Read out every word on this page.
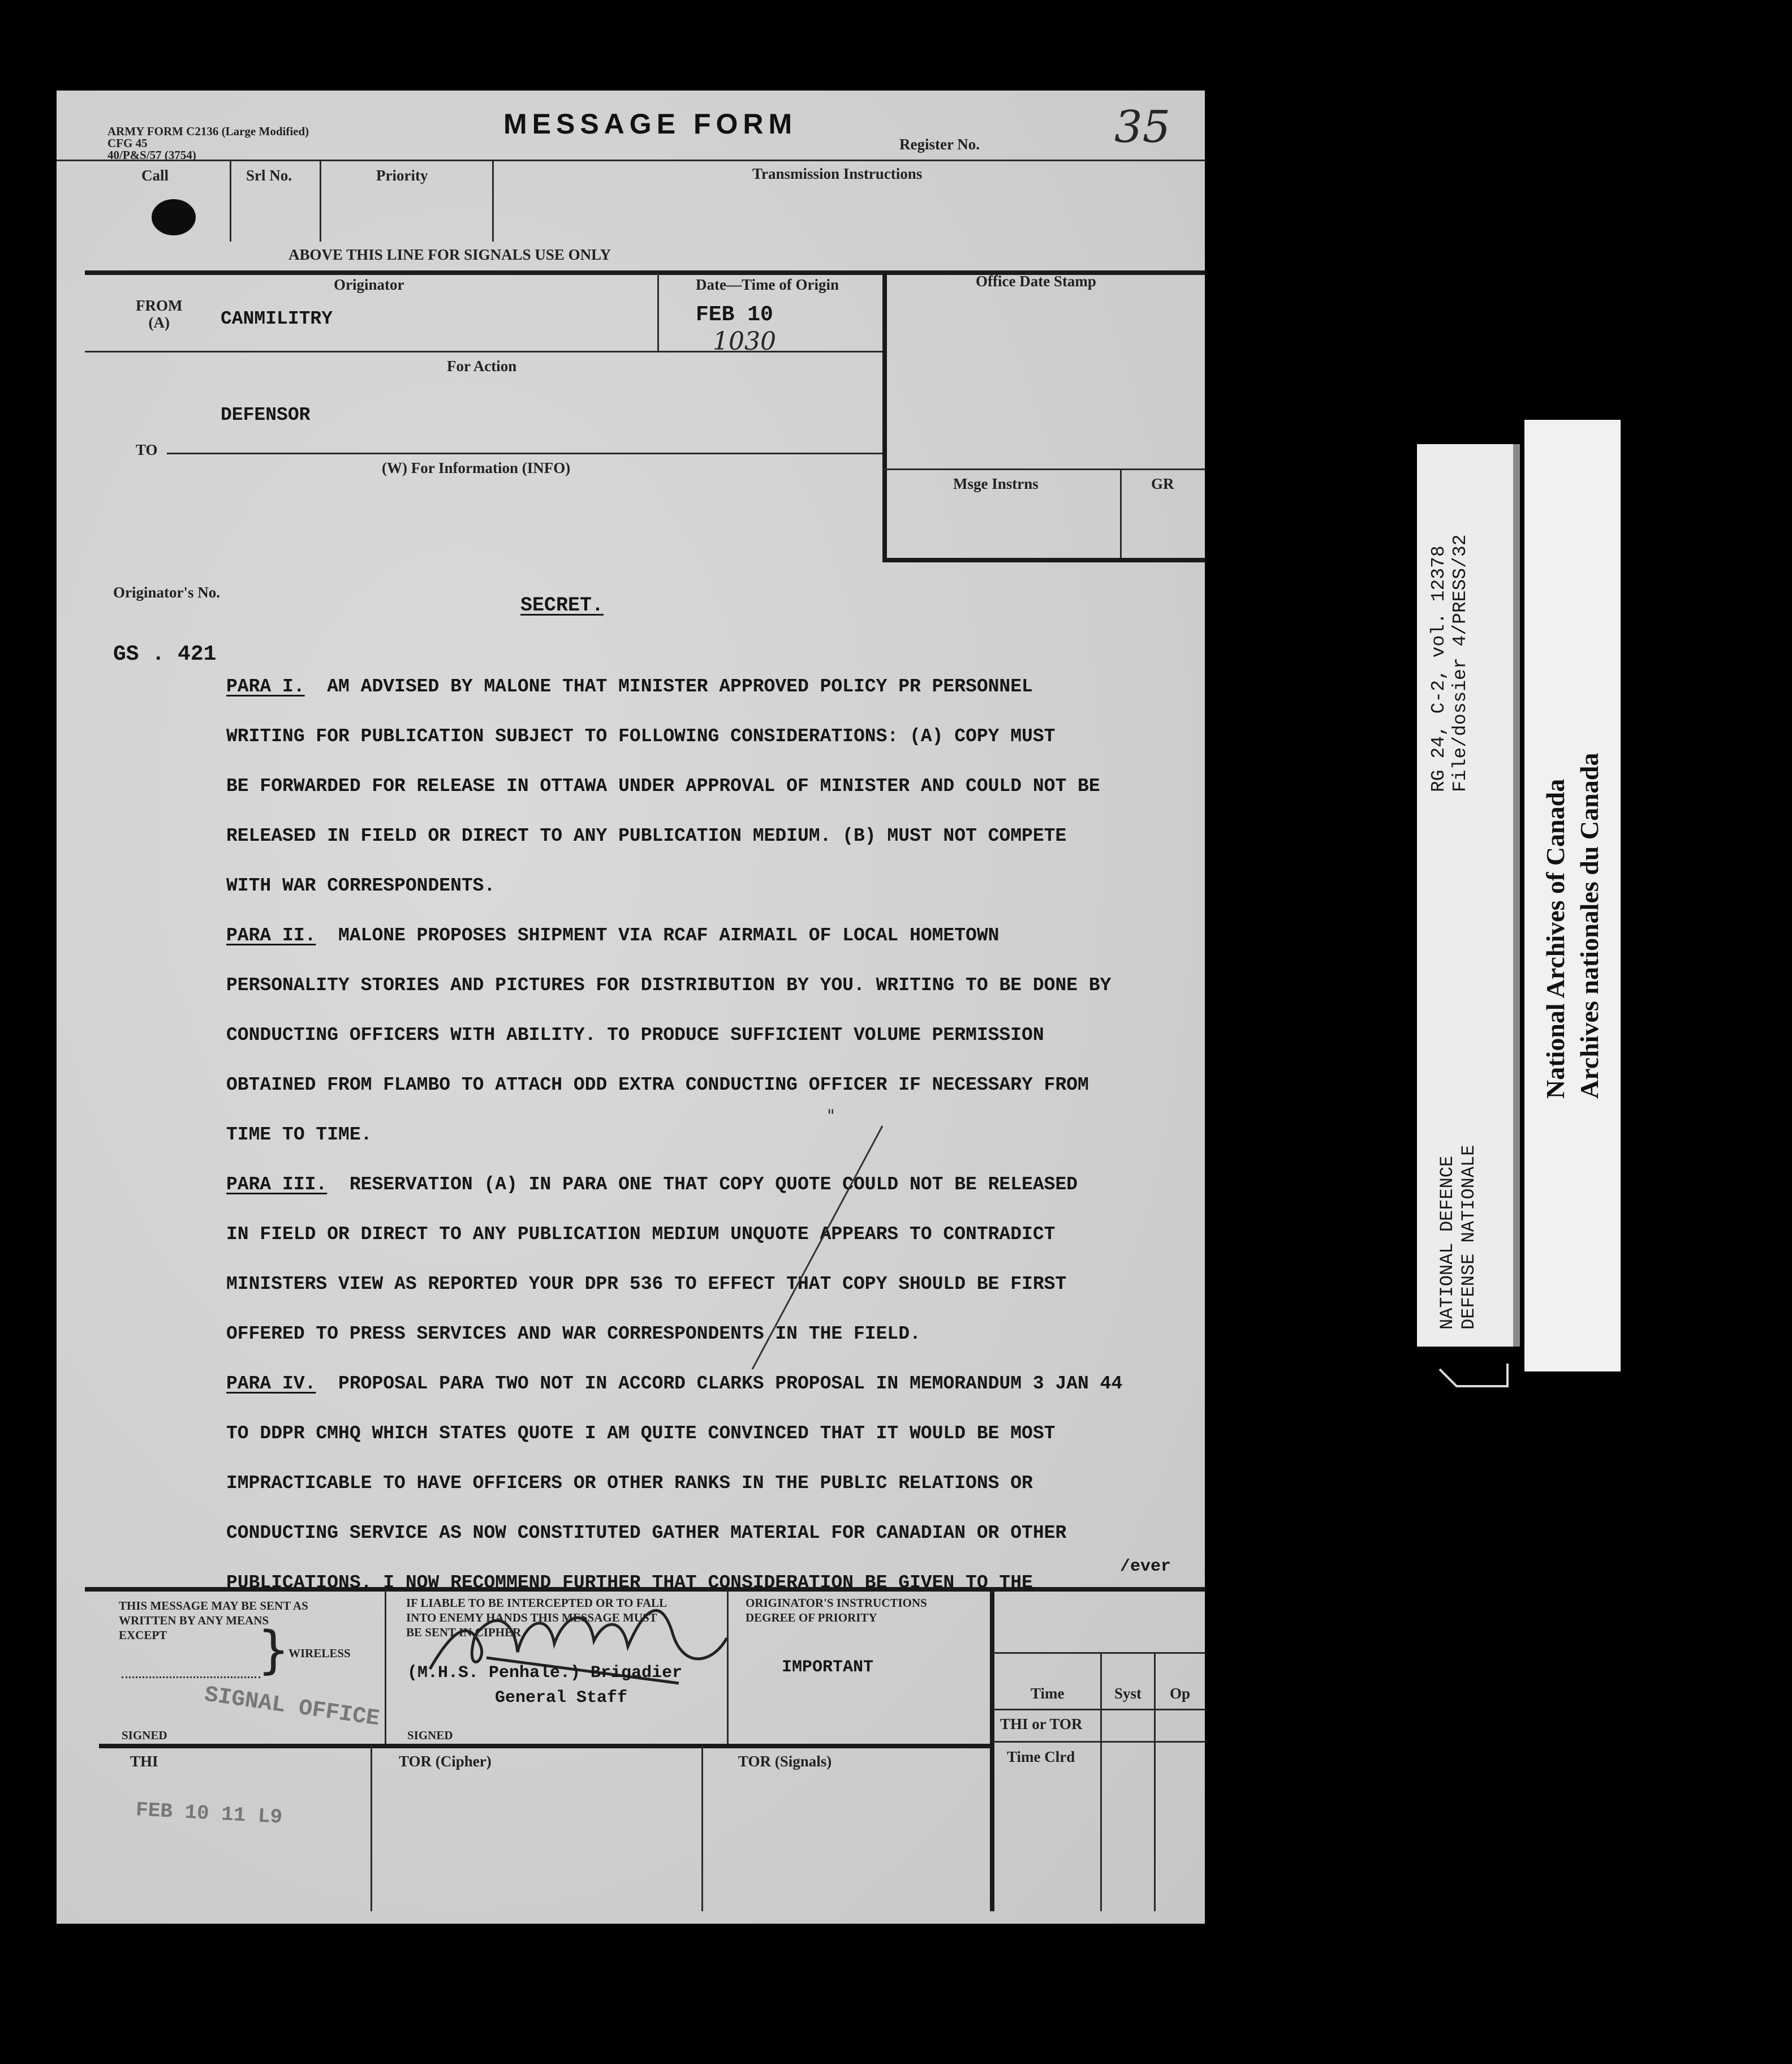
ARMY FORM C2136 (Large Modified)
CFG 45
40/P&S/57 (3754)
MESSAGE FORM
Register No.	35
Call	Srl No.	Priority	Transmission Instructions
ABOVE THIS LINE FOR SIGNALS USE ONLY
Originator	Date—Time of Origin	Office Date Stamp
FROM
(A)	CANMILITRY	FEB 10
1030
For Action
DEFENSOR
TO
(W) For Information (INFO)
Msge Instrns	GR
Originator's No.
SECRET.
GS . 421
PARA I. AM ADVISED BY MALONE THAT MINISTER APPROVED POLICY PR PERSONNEL
WRITING FOR PUBLICATION SUBJECT TO FOLLOWING CONSIDERATIONS: (A) COPY MUST
BE FORWARDED FOR RELEASE IN OTTAWA UNDER APPROVAL OF MINISTER AND COULD NOT BE
RELEASED IN FIELD OR DIRECT TO ANY PUBLICATION MEDIUM. (B) MUST NOT COMPETE
WITH WAR CORRESPONDENTS.
PARA II. MALONE PROPOSES SHIPMENT VIA RCAF AIRMAIL OF LOCAL HOMETOWN
PERSONALITY STORIES AND PICTURES FOR DISTRIBUTION BY YOU. WRITING TO BE DONE BY
CONDUCTING OFFICERS WITH ABILITY. TO PRODUCE SUFFICIENT VOLUME PERMISSION
OBTAINED FROM FLAMBO TO ATTACH ODD EXTRA CONDUCTING OFFICER IF NECESSARY FROM
TIME TO TIME.
PARA III. RESERVATION (A) IN PARA ONE THAT COPY QUOTE COULD NOT BE RELEASED
IN FIELD OR DIRECT TO ANY PUBLICATION MEDIUM UNQUOTE APPEARS TO CONTRADICT
MINISTERS VIEW AS REPORTED YOUR DPR 536 TO EFFECT THAT COPY SHOULD BE FIRST
OFFERED TO PRESS SERVICES AND WAR CORRESPONDENTS IN THE FIELD.
PARA IV. PROPOSAL PARA TWO NOT IN ACCORD CLARKS PROPOSAL IN MEMORANDUM 3 JAN 44
TO DDPR CMHQ WHICH STATES QUOTE I AM QUITE CONVINCED THAT IT WOULD BE MOST
IMPRACTICABLE TO HAVE OFFICERS OR OTHER RANKS IN THE PUBLIC RELATIONS OR
CONDUCTING SERVICE AS NOW CONSTITUTED GATHER MATERIAL FOR CANADIAN OR OTHER
PUBLICATIONS. I NOW RECOMMEND FURTHER THAT CONSIDERATION BE GIVEN TO THE
"
/ever
THIS MESSAGE MAY BE SENT AS
WRITTEN BY ANY MEANS
EXCEPT	}
WIRELESS
SIGNAL OFFICE
SIGNED
IF LIABLE TO BE INTERCEPTED OR TO FALL
INTO ENEMY HANDS THIS MESSAGE MUST
BE SENT IN CIPHER
(M.H.S. Penhale.) Brigadier
General Staff
SIGNED
ORIGINATOR'S INSTRUCTIONS
DEGREE OF PRIORITY
IMPORTANT
Time	Syst Op
THI or TOR
Time Clrd
THI	TOR (Cipher)	TOR (Signals)
FEB 10 11 L9
RG 24, C-2, vol. 12378 File/dossier 4/PRESS/32
NATIONAL DEFENCE DEFENSE NATIONALE
National Archives of Canada Archives nationales du Canada
